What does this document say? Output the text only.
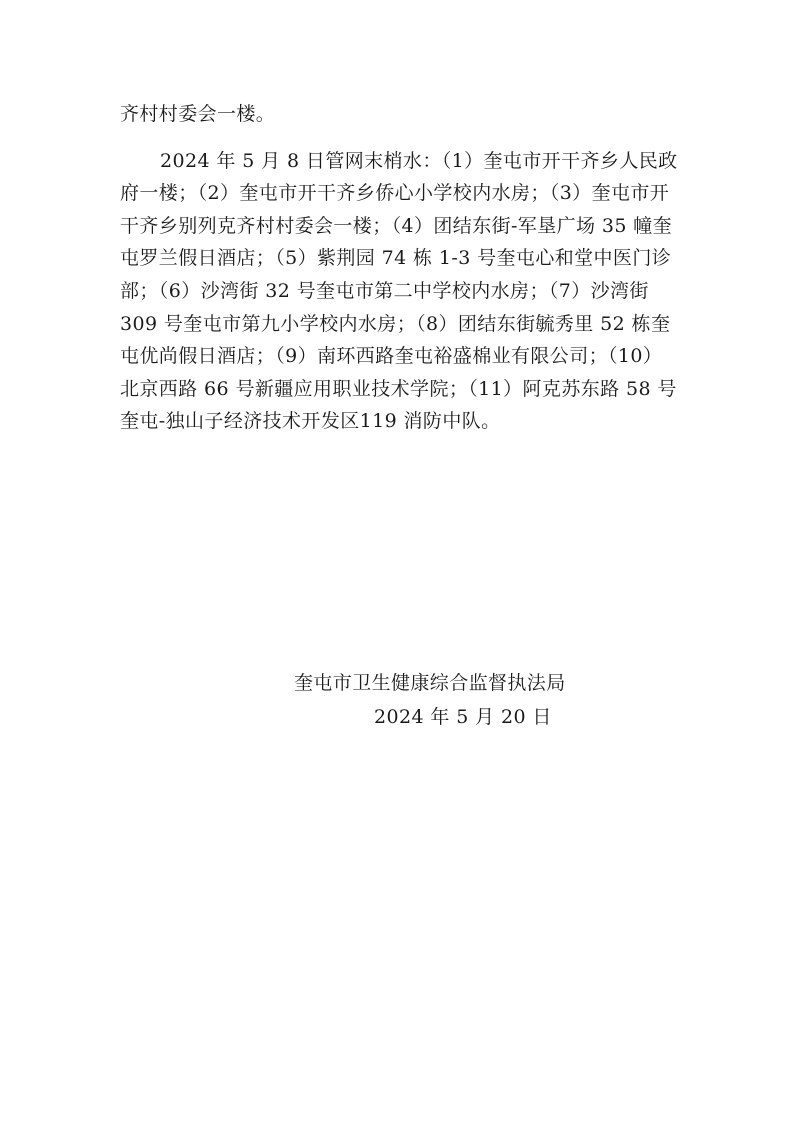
齐村村委会一楼。

2024 年 5 月 8 日管网末梢水：（1）奎屯市开干齐乡人民政府一楼；（2）奎屯市开干齐乡侨心小学校内水房；（3）奎屯市开干齐乡别列克齐村村委会一楼；（4）团结东街-军垦广场 35 幢奎屯罗兰假日酒店；（5）紫荆园 74 栋 1-3 号奎屯心和堂中医门诊部；（6）沙湾街 32 号奎屯市第二中学校内水房；（7）沙湾街 309 号奎屯市第九小学校内水房；（8）团结东街毓秀里 52 栋奎屯优尚假日酒店；（9）南环西路奎屯裕盛棉业有限公司；（10）北京西路 66 号新疆应用职业技术学院；（11）阿克苏东路 58 号奎屯-独山子经济技术开发区119 消防中队。

奎屯市卫生健康综合监督执法局

2024 年 5 月 20 日
